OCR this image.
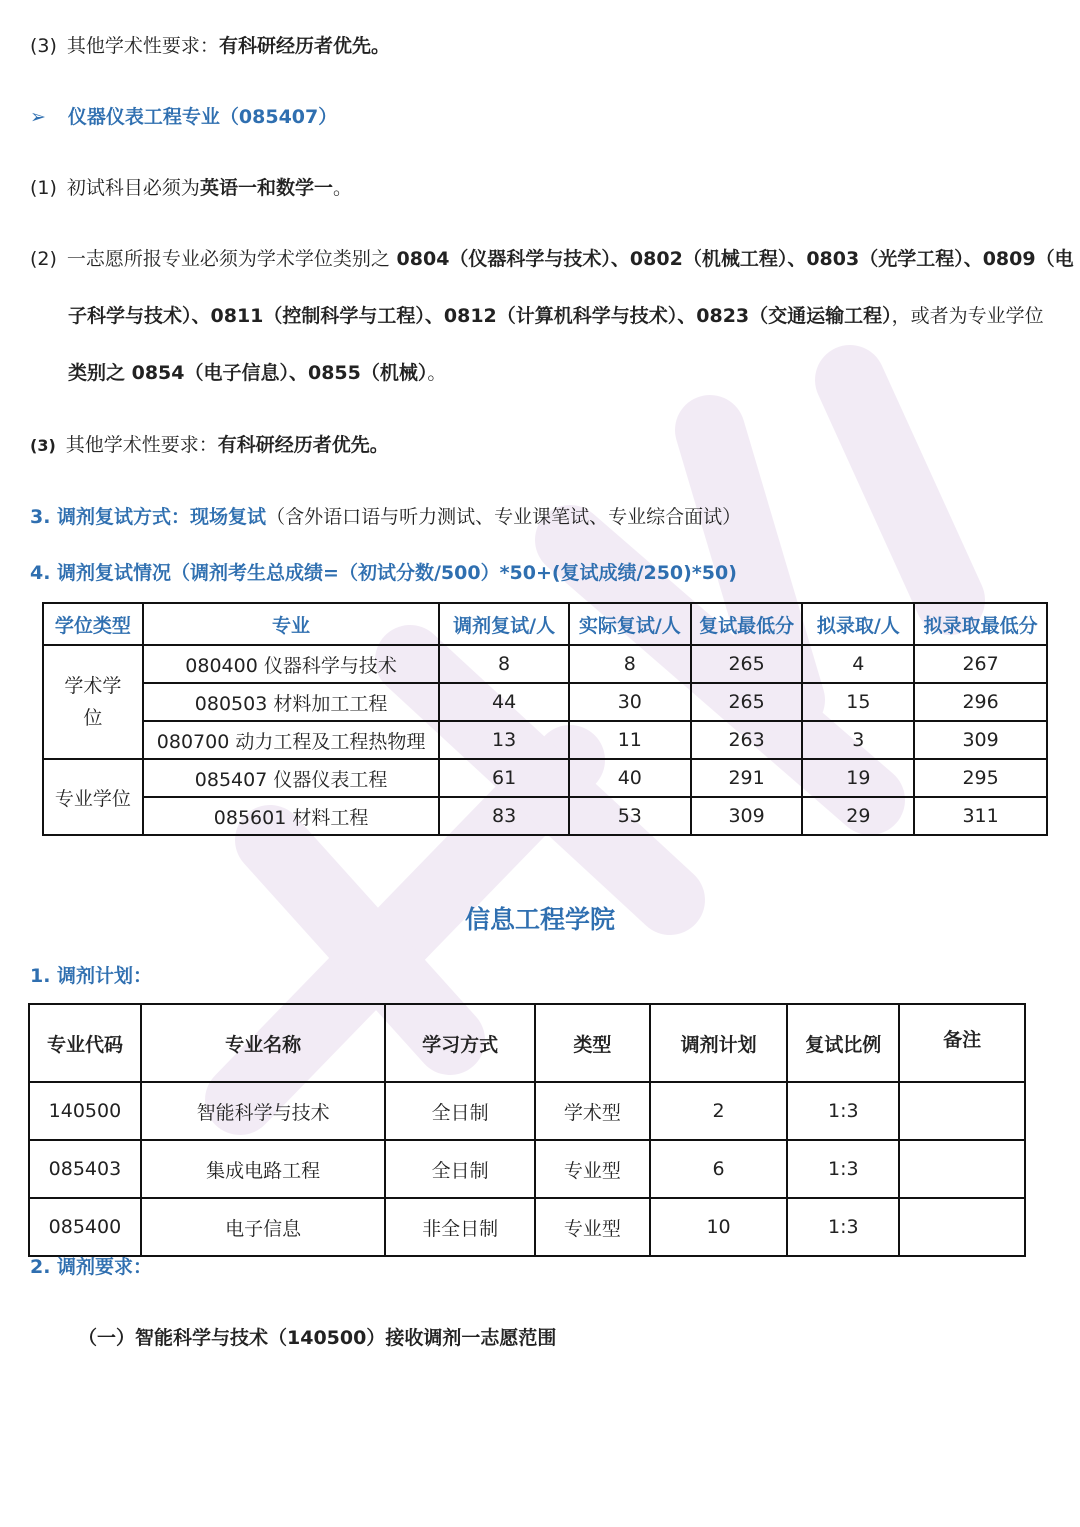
(3) 其他学术性要求：有科研经历者优先。
➢ 仪器仪表工程专业（085407）
(1) 初试科目必须为英语一和数学一。
(2) 一志愿所报专业必须为学术学位类别之 0804（仪器科学与技术）、0802（机械工程）、0803（光学工程）、0809（电
子科学与技术）、0811（控制科学与工程）、0812（计算机科学与技术）、0823（交通运输工程），或者为专业学位
类别之 0854（电子信息）、0855（机械）。
(3) 其他学术性要求：有科研经历者优先。
3. 调剂复试方式：现场复试（含外语口语与听力测试、专业课笔试、专业综合面试）
4. 调剂复试情况（调剂考生总成绩=（初试分数/500）*50+(复试成绩/250)*50)
学位类型	专业	调剂复试/人	实际复试/人	复试最低分	拟录取/人	拟录取最低分
学术学位	080400 仪器科学与技术	8	8	265	4	267
	080503 材料加工工程	44	30	265	15	296
	080700 动力工程及工程热物理	13	11	263	3	309
专业学位	085407 仪器仪表工程	61	40	291	19	295
	085601 材料工程	83	53	309	29	311
信息工程学院
1. 调剂计划：
专业代码	专业名称	学习方式	类型	调剂计划	复试比例	备注
140500	智能科学与技术	全日制	学术型	2	1:3	
085403	集成电路工程	全日制	专业型	6	1:3	
085400	电子信息	非全日制	专业型	10	1:3	
2. 调剂要求：
（一）智能科学与技术（140500）接收调剂一志愿范围
